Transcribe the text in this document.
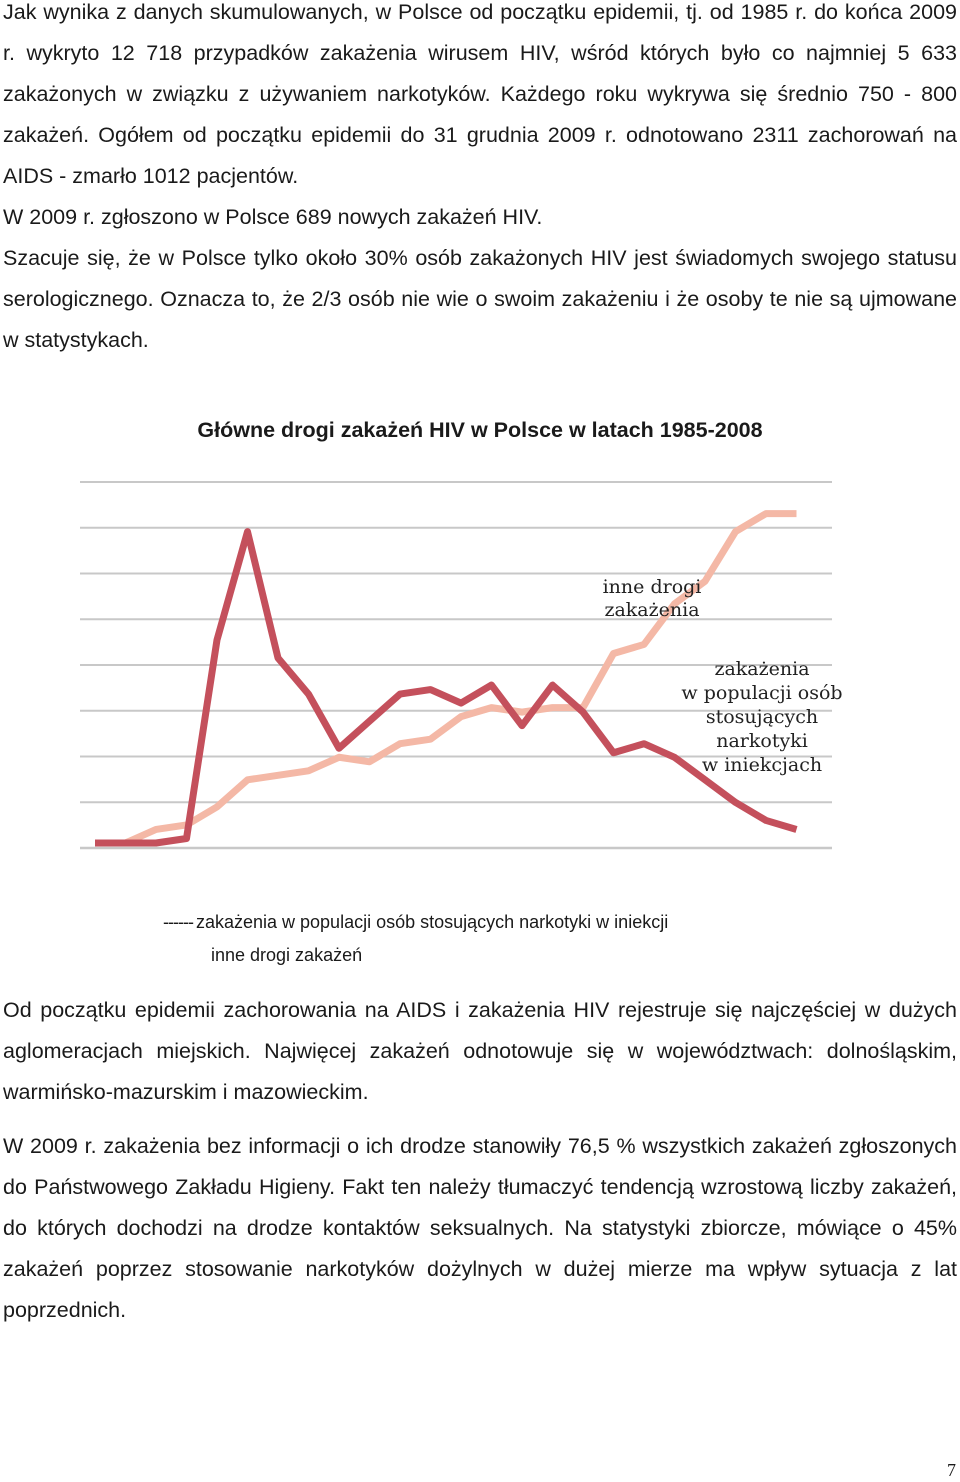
Jak wynika z danych skumulowanych, w Polsce od początku epidemii, tj. od 1985 r. do końca 2009 r. wykryto 12 718 przypadków zakażenia wirusem HIV, wśród których było co najmniej 5 633 zakażonych w związku z używaniem narkotyków. Każdego roku wykrywa się średnio 750 - 800 zakażeń. Ogółem od początku epidemii do 31 grudnia 2009 r. odnotowano 2311 zachorowań na AIDS - zmarło 1012 pacjentów.

W 2009 r. zgłoszono w Polsce 689 nowych zakażeń HIV.

Szacuje się, że w Polsce tylko około 30% osób zakażonych HIV jest świadomych swojego statusu serologicznego. Oznacza to, że 2/3 osób nie wie o swoim zakażeniu i że osoby te nie są ujmowane w statystykach.

Główne drogi zakażeń HIV w Polsce w latach 1985-2008
zakażenia
w populacji osób
stosujących
narkotyki
w iniekcjach
inne drogi
zakażenia
------ zakażenia w populacji osób stosujących narkotyki w iniekcji
inne drogi zakażeń

Od początku epidemii zachorowania na AIDS i zakażenia HIV rejestruje się najczęściej w dużych aglomeracjach miejskich. Najwięcej zakażeń odnotowuje się w województwach: dolnośląskim, warmińsko-mazurskim i mazowieckim.

W 2009 r. zakażenia bez informacji o ich drodze stanowiły 76,5 % wszystkich zakażeń zgłoszonych do Państwowego Zakładu Higieny. Fakt ten należy tłumaczyć tendencją wzrostową liczby zakażeń, do których dochodzi na drodze kontaktów seksualnych. Na statystyki zbiorcze, mówiące o 45% zakażeń poprzez stosowanie narkotyków dożylnych w dużej mierze ma wpływ sytuacja z lat poprzednich.

7
